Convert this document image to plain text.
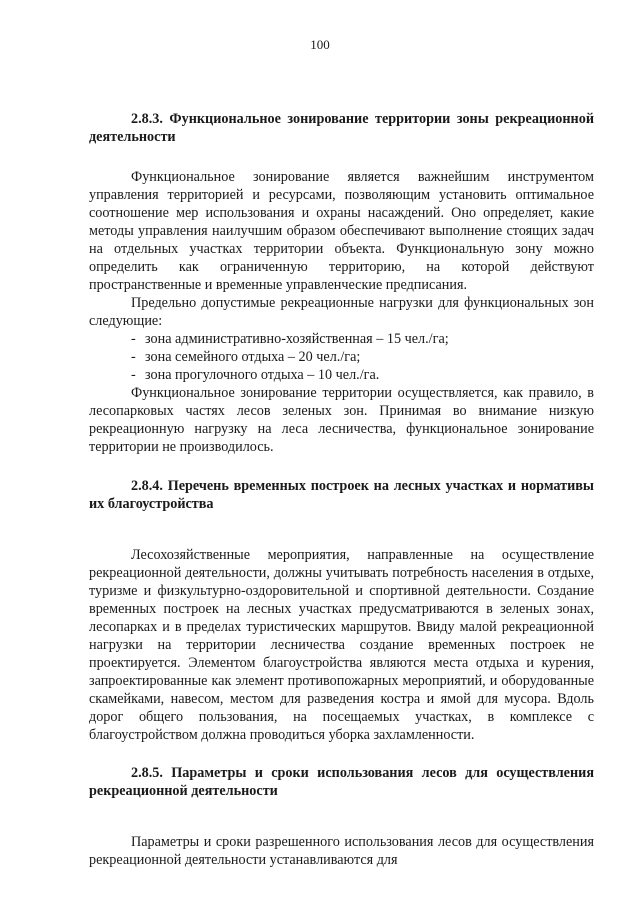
100

2.8.3. Функциональное зонирование территории зоны рекреационной деятельности

Функциональное зонирование является важнейшим инструментом управления территорией и ресурсами, позволяющим установить оптимальное соотношение мер использования и охраны насаждений. Оно определяет, какие методы управления наилучшим образом обеспечивают выполнение стоящих задач на отдельных участках территории объекта. Функциональную зону можно определить как ограниченную территорию, на которой действуют пространственные и временные управленческие предписания.

Предельно допустимые рекреационные нагрузки для функциональных зон следующие:

- зона административно-хозяйственная – 15 чел./га;
- зона семейного отдыха – 20 чел./га;
- зона прогулочного отдыха – 10 чел./га.

Функциональное зонирование территории осуществляется, как правило, в лесопарковых частях лесов зеленых зон. Принимая во внимание низкую рекреационную нагрузку на леса лесничества, функциональное зонирование территории не производилось.

2.8.4. Перечень временных построек на лесных участках и нормативы их благоустройства

Лесохозяйственные мероприятия, направленные на осуществление рекреационной деятельности, должны учитывать потребность населения в отдыхе, туризме и физкультурно-оздоровительной и спортивной деятельности. Создание временных построек на лесных участках предусматриваются в зеленых зонах, лесопарках и в пределах туристических маршрутов. Ввиду малой рекреационной нагрузки на территории лесничества создание временных построек не проектируется. Элементом благоустройства являются места отдыха и курения, запроектированные как элемент противопожарных мероприятий, и оборудованные скамейками, навесом, местом для разведения костра и ямой для мусора. Вдоль дорог общего пользования, на посещаемых участках, в комплексе с благоустройством должна проводиться уборка захламленности.

2.8.5. Параметры и сроки использования лесов для осуществления рекреационной деятельности

Параметры и сроки разрешенного использования лесов для осуществления рекреационной деятельности устанавливаются для
